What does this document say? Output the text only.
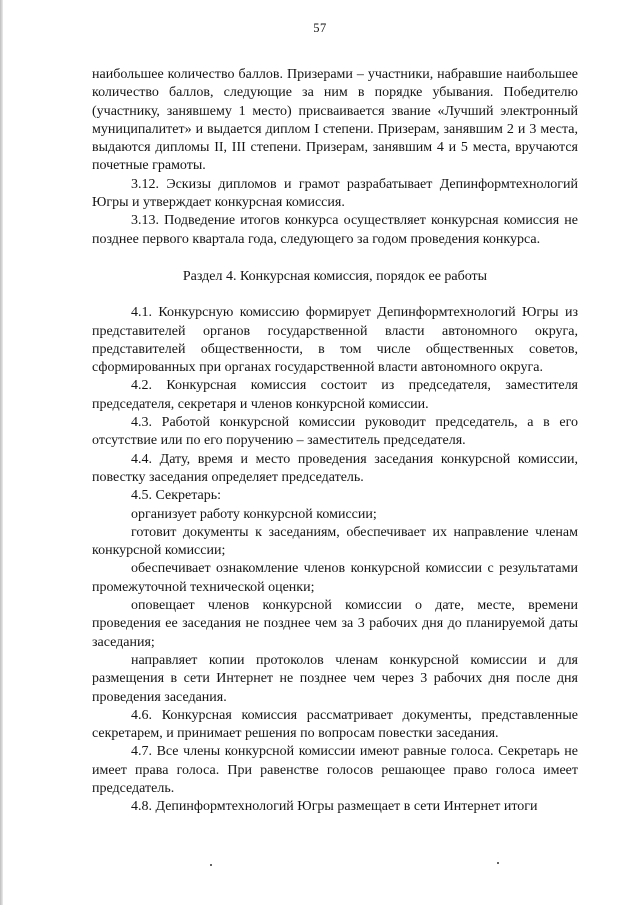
57

наибольшее количество баллов. Призерами – участники, набравшие наибольшее количество баллов, следующие за ним в порядке убывания. Победителю (участнику, занявшему 1 место) присваивается звание «Лучший электронный муниципалитет» и выдается диплом I степени. Призерам, занявшим 2 и 3 места, выдаются дипломы II, III степени. Призерам, занявшим 4 и 5 места, вручаются почетные грамоты.

3.12. Эскизы дипломов и грамот разрабатывает Депинформтехнологий Югры и утверждает конкурсная комиссия.

3.13. Подведение итогов конкурса осуществляет конкурсная комиссия не позднее первого квартала года, следующего за годом проведения конкурса.

Раздел 4. Конкурсная комиссия, порядок ее работы

4.1. Конкурсную комиссию формирует Депинформтехнологий Югры из представителей органов государственной власти автономного округа, представителей общественности, в том числе общественных советов, сформированных при органах государственной власти автономного округа.

4.2. Конкурсная комиссия состоит из председателя, заместителя председателя, секретаря и членов конкурсной комиссии.

4.3. Работой конкурсной комиссии руководит председатель, а в его отсутствие или по его поручению – заместитель председателя.

4.4. Дату, время и место проведения заседания конкурсной комиссии, повестку заседания определяет председатель.

4.5. Секретарь:

организует работу конкурсной комиссии;

готовит документы к заседаниям, обеспечивает их направление членам конкурсной комиссии;

обеспечивает ознакомление членов конкурсной комиссии с результатами промежуточной технической оценки;

оповещает членов конкурсной комиссии о дате, месте, времени проведения ее заседания не позднее чем за 3 рабочих дня до планируемой даты заседания;

направляет копии протоколов членам конкурсной комиссии и для размещения в сети Интернет не позднее чем через 3 рабочих дня после дня проведения заседания.

4.6. Конкурсная комиссия рассматривает документы, представленные секретарем, и принимает решения по вопросам повестки заседания.

4.7. Все члены конкурсной комиссии имеют равные голоса. Секретарь не имеет права голоса. При равенстве голосов решающее право голоса имеет председатель.

4.8. Депинформтехнологий Югры размещает в сети Интернет итоги
